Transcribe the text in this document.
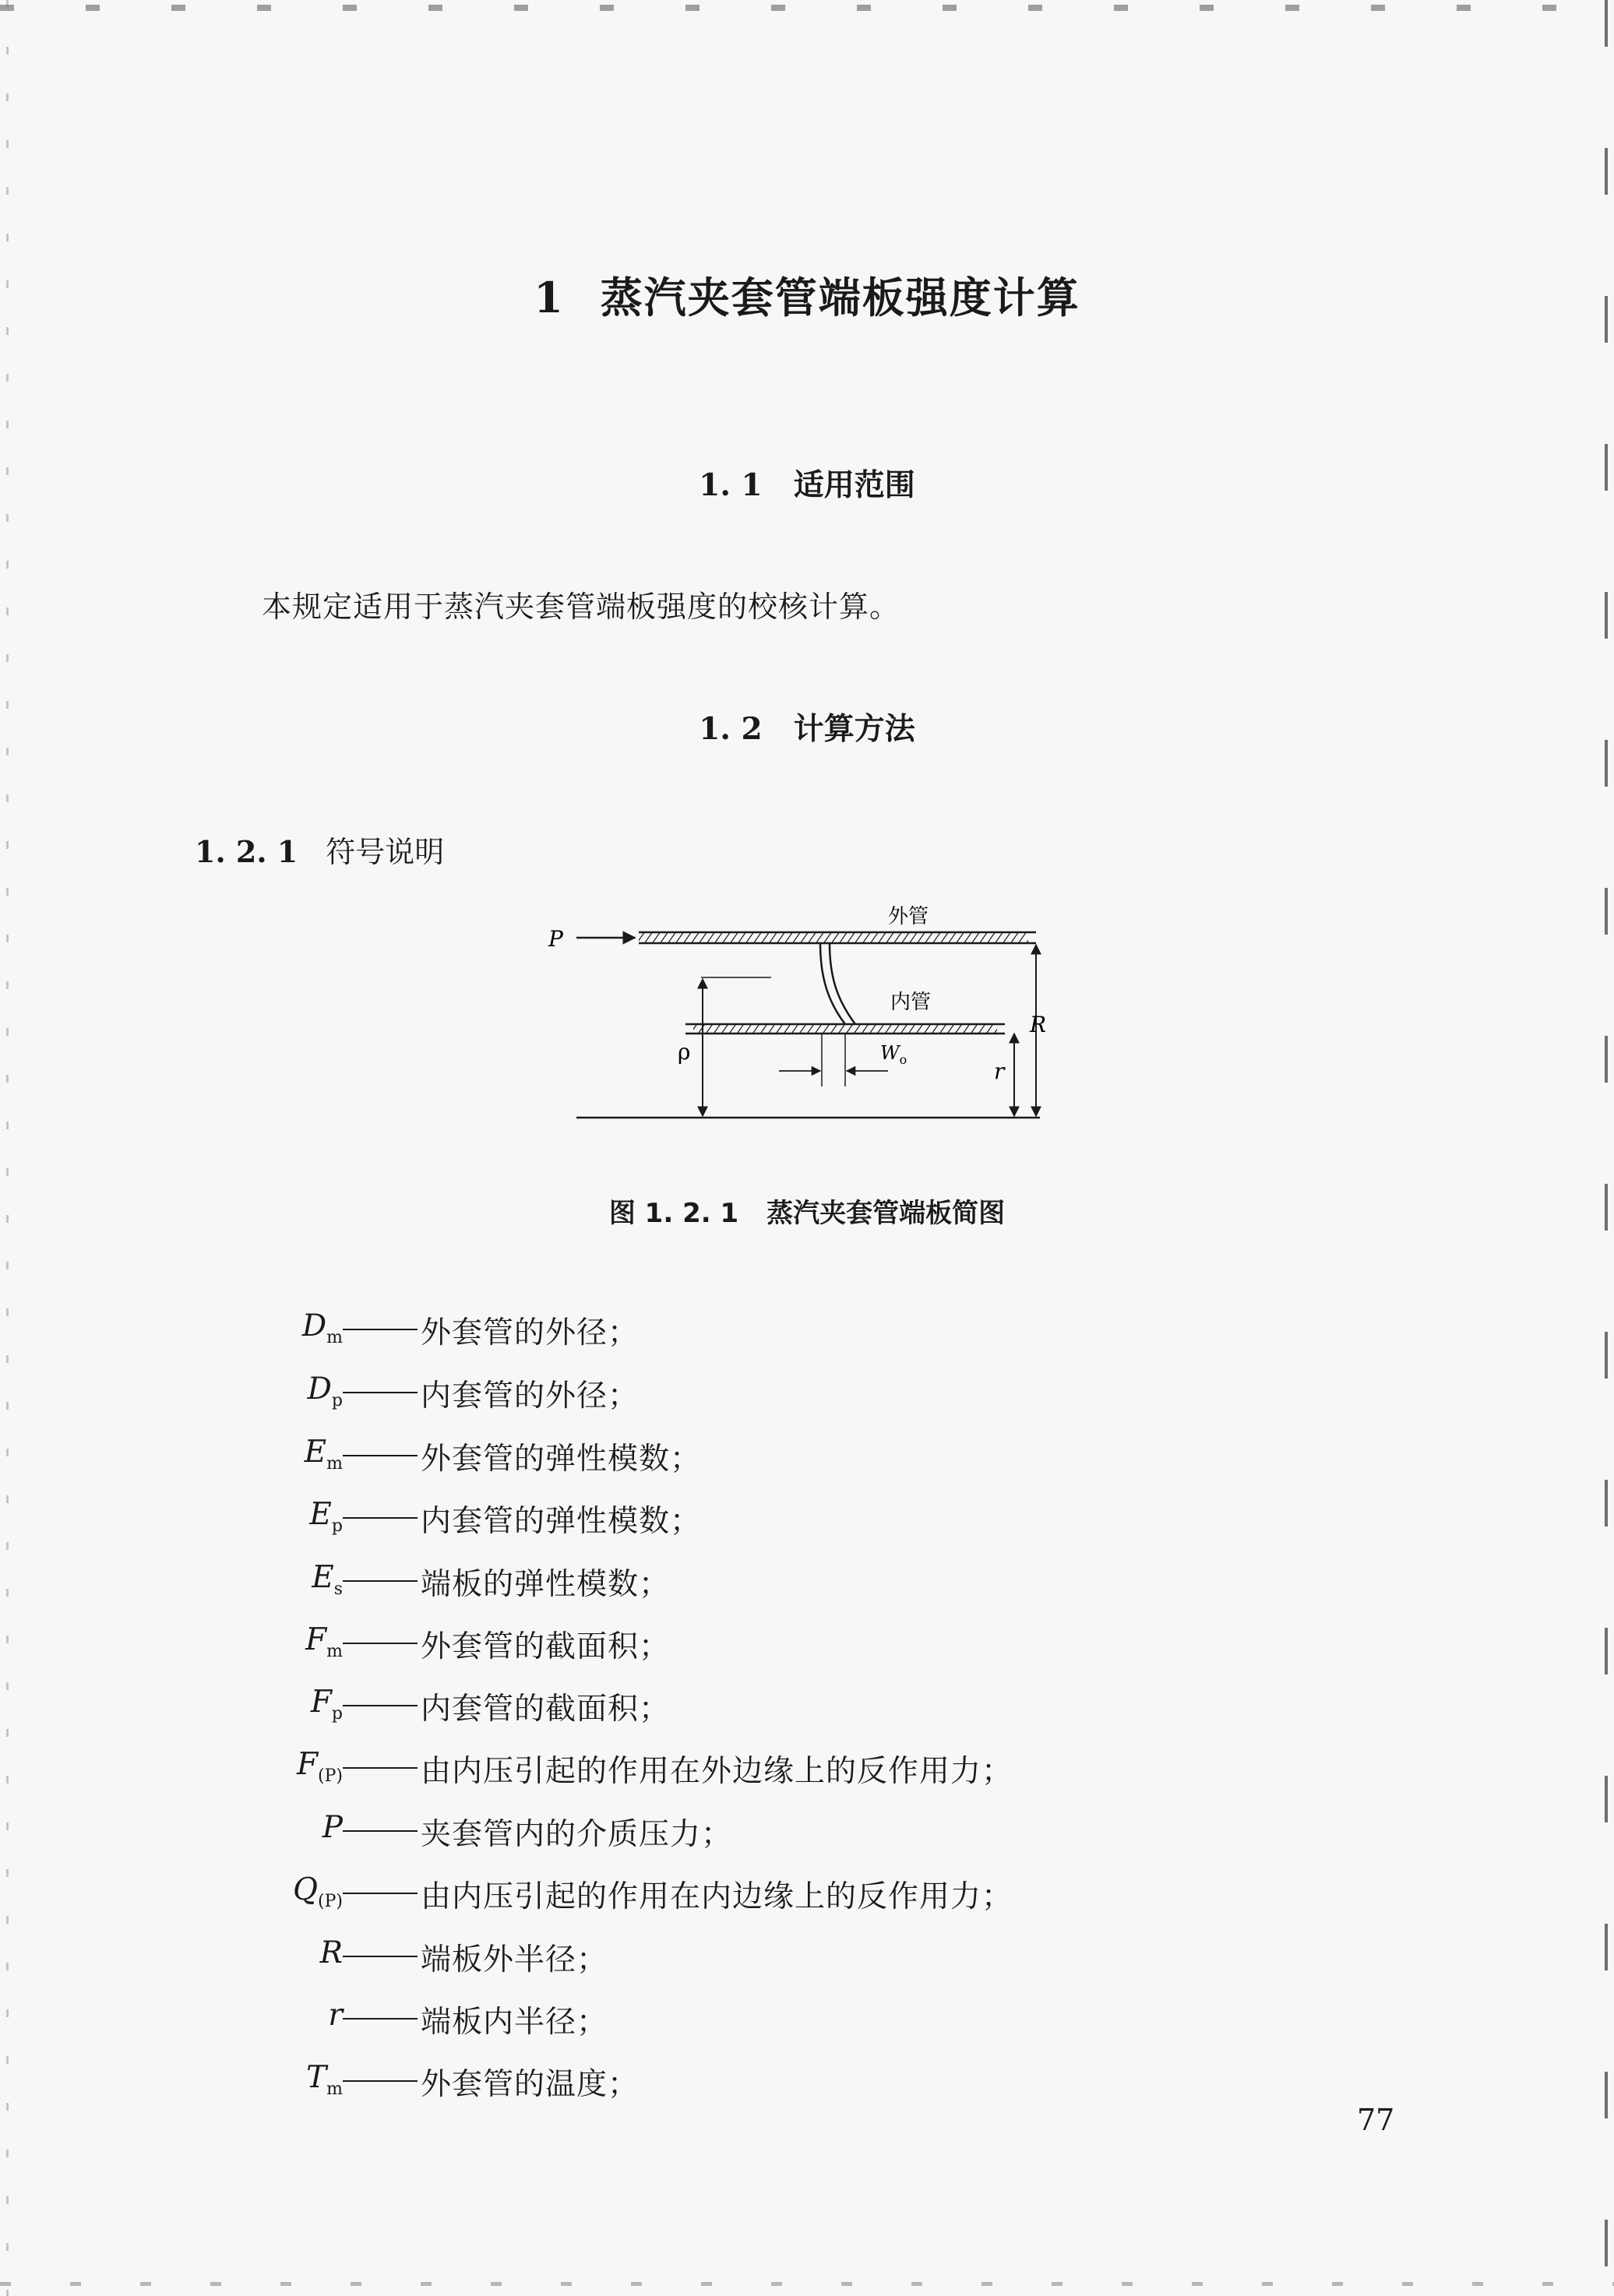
1 蒸汽夹套管端板强度计算
1. 1 适用范围
本规定适用于蒸汽夹套管端板强度的校核计算。
1. 2 计算方法
1. 2. 1 符号说明
P
外管
内管
ρ
R
r
$W_o$
图 1. 2. 1 蒸汽夹套管端板简图
$D_m$	外套管的外径；
$D_p$	内套管的外径；
$E_m$	外套管的弹性模数；
$E_p$	内套管的弹性模数；
$E_s$	端板的弹性模数；
$F_m$	外套管的截面积；
$F_p$	内套管的截面积；
$F_{(P)}$	由内压引起的作用在外边缘上的反作用力；
P	夹套管内的介质压力；
$Q_{(P)}$	由内压引起的作用在内边缘上的反作用力；
R	端板外半径；
r	端板内半径；
$T_m$	外套管的温度；
77
